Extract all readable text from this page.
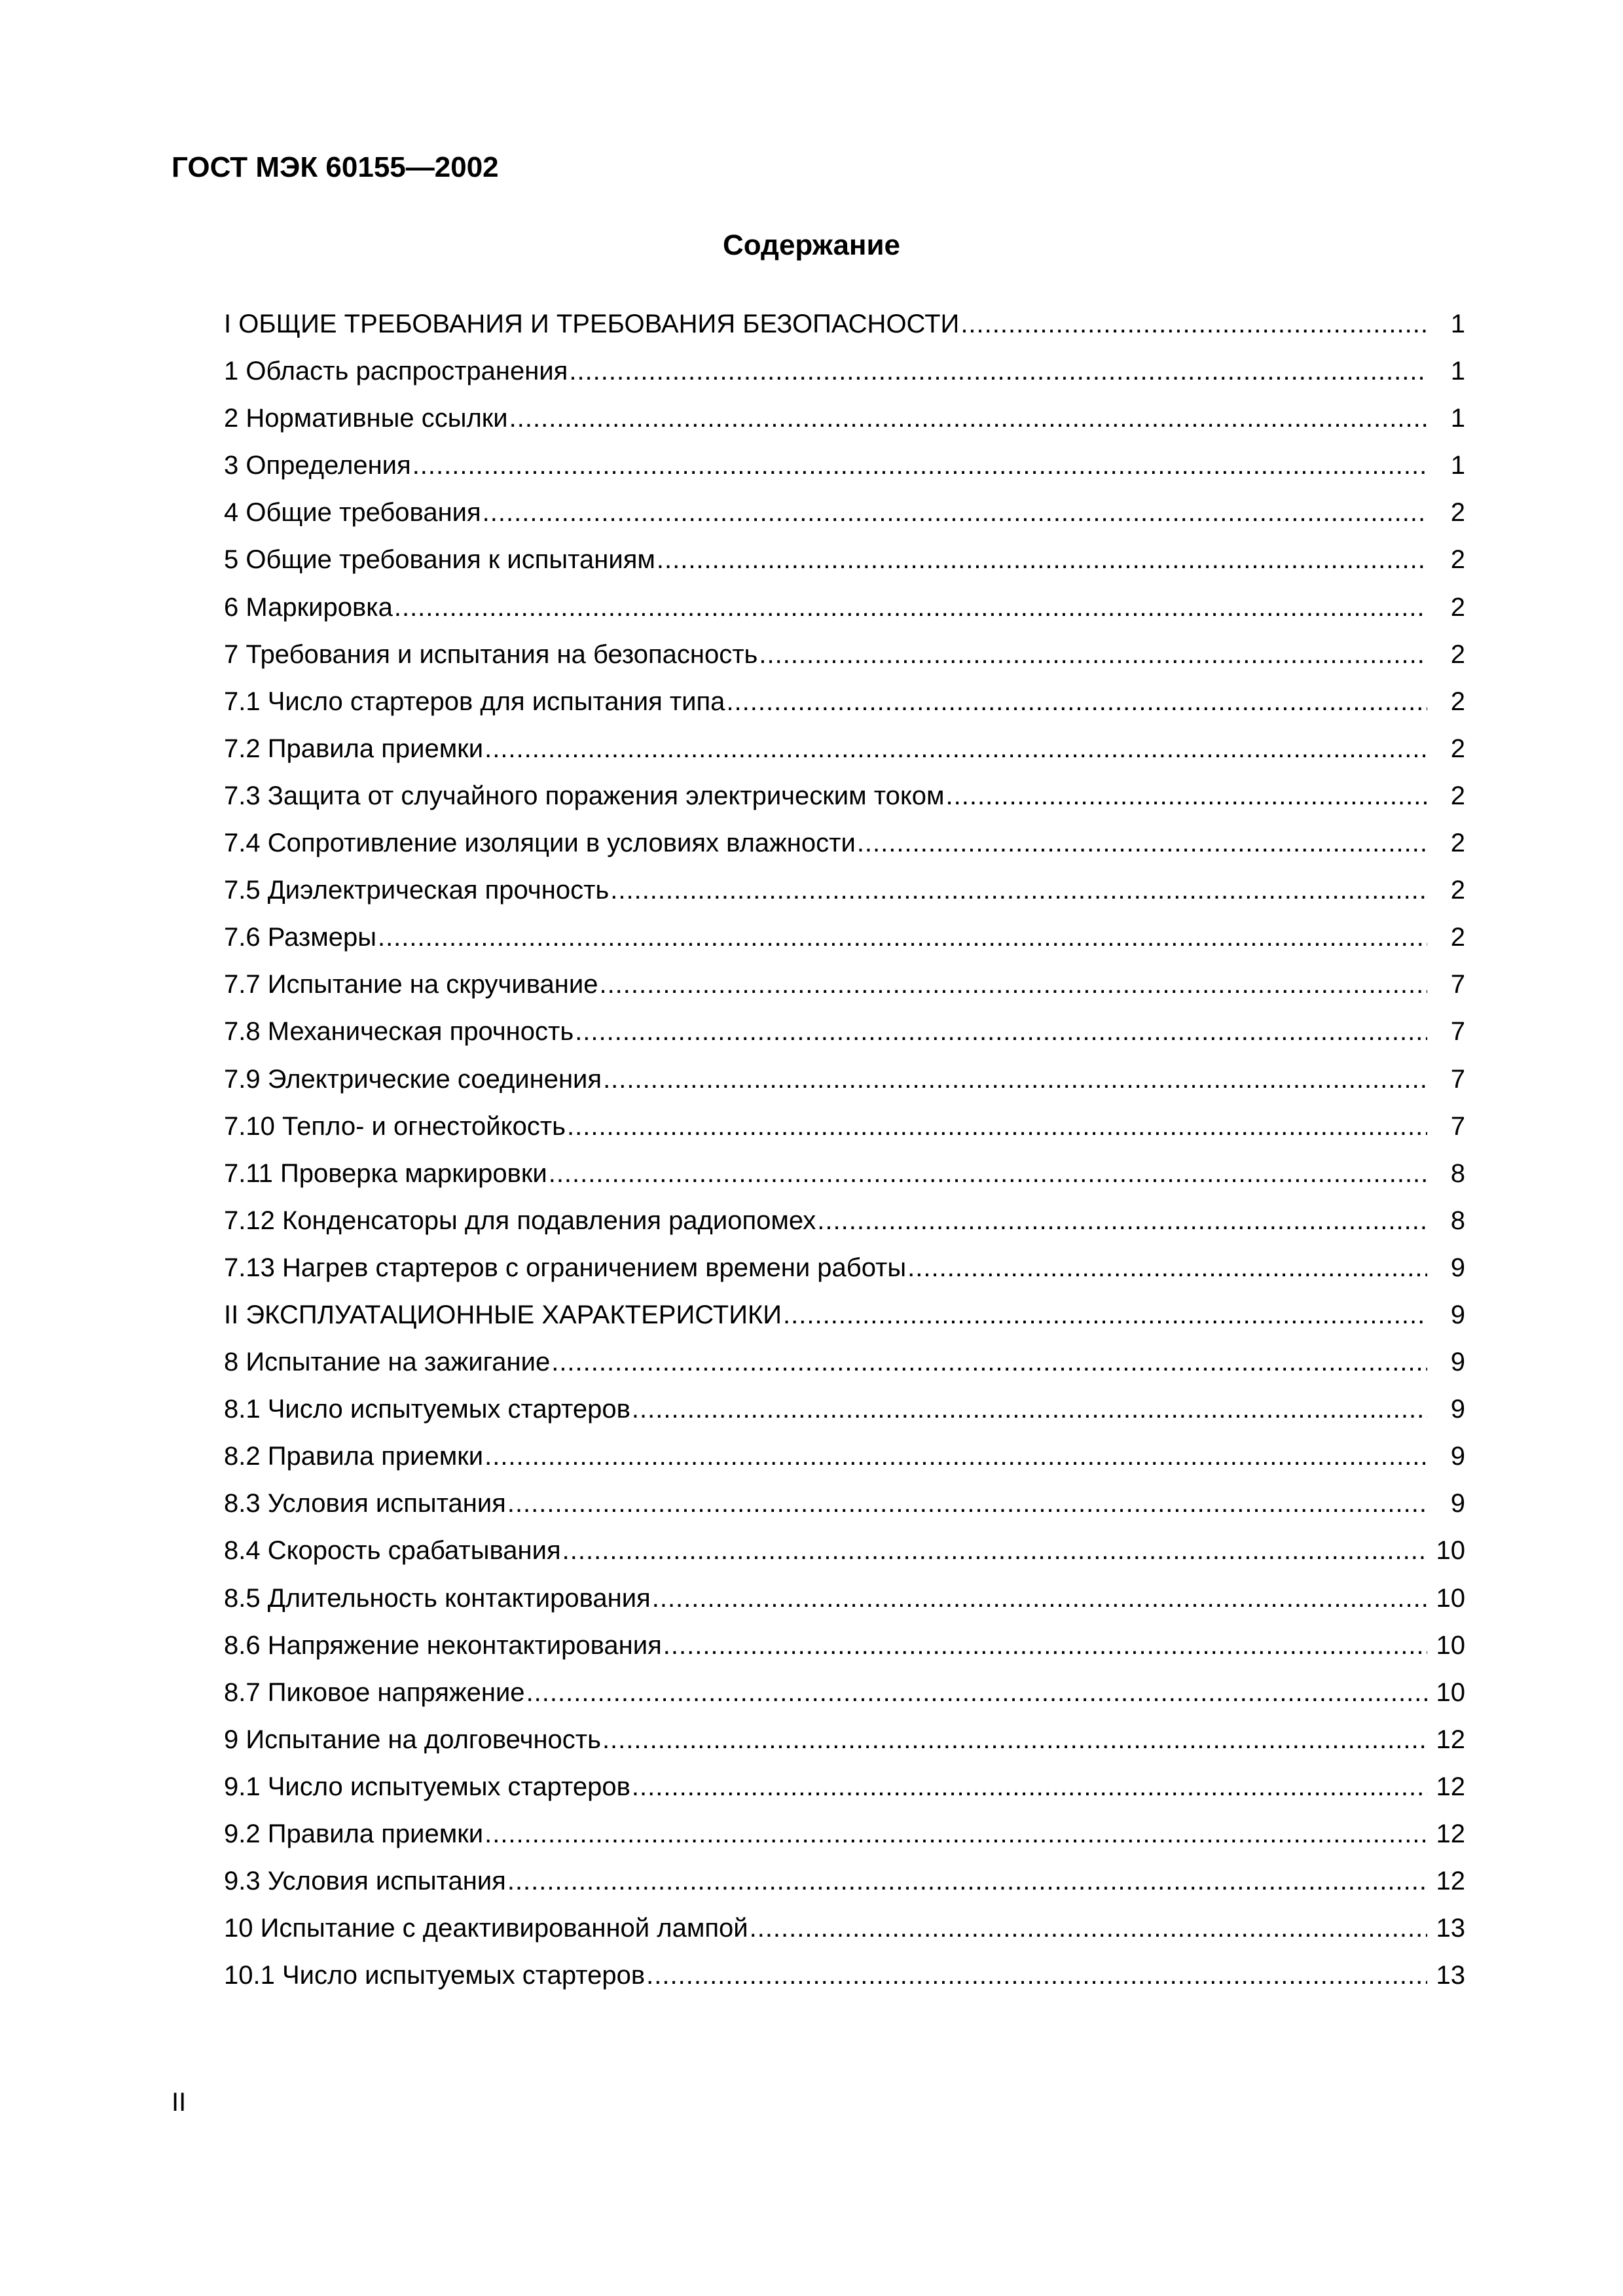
ГОСТ МЭК 60155—2002
Содержание
I ОБЩИЕ ТРЕБОВАНИЯ И ТРЕБОВАНИЯ БЕЗОПАСНОСТИ .....	1
1 Область распространения .....	1
2 Нормативные ссылки .....	1
3 Определения .....	1
4 Общие требования .....	2
5 Общие требования к испытаниям .....	2
6 Маркировка .....	2
7 Требования и испытания на безопасность .....	2
7.1 Число стартеров для испытания типа .....	2
7.2 Правила приемки .....	2
7.3 Защита от случайного поражения электрическим током .....	2
7.4 Сопротивление изоляции в условиях влажности .....	2
7.5 Диэлектрическая прочность .....	2
7.6 Размеры .....	2
7.7 Испытание на скручивание .....	7
7.8 Механическая прочность .....	7
7.9 Электрические соединения .....	7
7.10 Тепло- и огнестойкость .....	7
7.11 Проверка маркировки .....	8
7.12 Конденсаторы для подавления радиопомех .....	8
7.13 Нагрев стартеров с ограничением времени работы .....	9
II ЭКСПЛУАТАЦИОННЫЕ ХАРАКТЕРИСТИКИ .....	9
8 Испытание на зажигание .....	9
8.1 Число испытуемых стартеров .....	9
8.2 Правила приемки .....	9
8.3 Условия испытания .....	9
8.4 Скорость срабатывания .....	10
8.5 Длительность контактирования .....	10
8.6 Напряжение неконтактирования .....	10
8.7 Пиковое напряжение .....	10
9 Испытание на долговечность .....	12
9.1 Число испытуемых стартеров .....	12
9.2 Правила приемки .....	12
9.3 Условия испытания .....	12
10 Испытание с деактивированной лампой .....	13
10.1 Число испытуемых стартеров .....	13
II
